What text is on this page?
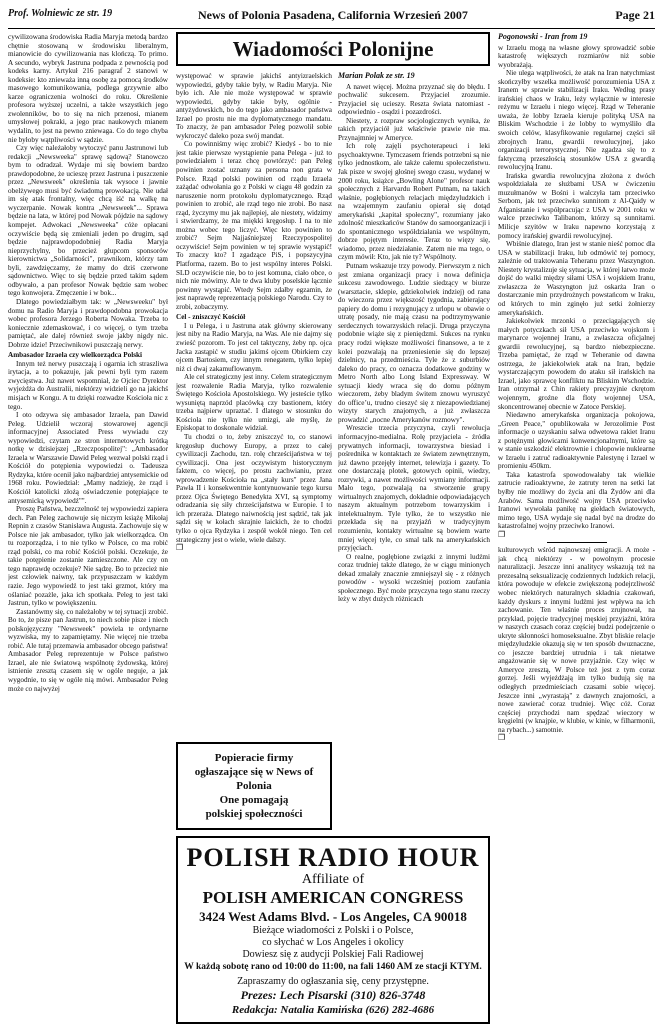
Prof. Wolniewic ze str. 19	News of Polonia Pasadena, California Wrzesień 2007	Page 21

cywilizowana środowiska Radia Maryja metodą bardzo chętnie stosowaną w środowisku liberalnym, mianowicie do cywilizowania nas klończą. To primo. A secundo, wybryk Jastruna podpada z pewnością pod kodeks karny. Artykuł 216 paragraf 2 stanowi w kodeksie: kto znieważa inną osobę za pomocą środków masowego komunikowania, podlega grzywnie albo karze ograniczenia wolności do roku. Określenie profesora wyższej uczelni, a także wszystkich jego zwolenników, bo to się na nich przenosi, mianem umysłowej pokraki, a jego prac naukowych mianem wydalin, to jest na pewno zniewaga. Co do tego chyba nie byłoby wątpliwości w sądzie.

Czy więc należałoby wytoczyć panu Jastrunowi lub redakcji „Newsweeka" sprawę sądową? Stanowczo bym to odradzał. Wydaje mi się bowiem bardzo prawdopodobne, że ucieszę przez Jastruna i puszczenie przez „Newsweek" określenia tak wysoce i jawnie obelżywego musi być świadomą prowokacją. Nie udał im się atak frontalny, więc chcą iść na walkę na wyczerpanie. Nowak kontra „Newsweek"... Sprawa będzie na lata, w której pod Nowak pójdzie na sądowy kompejet. Adwokaci „Newsweeka" cóże opłacani oczywiście będą się zmieniali jeden po drugim, sąd będzie najprawdopodobniej Radia Maryja nieprzychylny, bo przecież głupcom sponsorów kierownictwa „Solidarności", prawnikom, którzy tam byli, zawdzięczamy, że mamy do dziś czerwone sądownictwo. Więc to się będzie przed takim sądem odbywało, a pan profesor Nowak będzie sam wobec tego konwojera. Zmęczenie i w bok...

Dlatego powiedziałbym tak: w „Newsweeku" był domu na Radio Maryja i prawdopodobna prowokacja wobec profesora Jerzego Roberta Nowaka. Trzeba to koniecznie zdemaskować, i co więcej, o tym trzeba pamiętać, ale dalej również swoje jakby nigdy nic. Dobrze idzie! Przeciwnikowi puszczają nerwy.

Ambasador Izraela czy wielkorządca Polski

Innym też nerwy puszczają i ogarnia ich straszliwa irytacja, a to pokazuje, jak pewni byli tym razem zwycięstwa. Już nawet wspomniał, że Ojciec Dyrektor wyjeżdża do Australii, niektórzy widzieli go na jakichś misjach w Kongu. A tu dzięki rozwadze Kościoła nic z tego.

I oto odzywa się ambasador Izraela, pan Dawid Peleg. Udzielił wczoraj stowarowej agencji informacyjnej Associated Press wywiadu czy wypowiedzi, czytam ze stron internetowych krótką notkę w dzisiejszej „Rzeczpospolitej": „Ambasador Izraela w Warszawie Dawid Peleg wezwał polski rząd i Kościół do potępienia wypowiedzi o. Tadeusza Rydzyka, które ocenił jako najbardziej antysemickie od 1968 roku. Powiedział: „Mamy nadzieję, że rząd i Kościół katolicki złożą oświadczenie potępiające te antysemicką wypowiedź"".

Proszę Państwa, bezczelność tej wypowiedzi zapiera dech. Pan Peleg zachowuje się niczym książę Mikołaj Repnin z czasów Stanisława Augusta. Zachowuje się w Polsce nie jak ambasador, tylko jak wielkorządca. On tu rozporządza, i to nie tylko w Polsce, co ma robić rząd polski, co ma robić Kościół polski. Oczekuje, że takie potępienie zostanie zamieszczone. Ale czy on tego naprawdę oczekuje? Nie sądzę. Bo to przecież nie jest człowiek naiwny, tak przypuszczam w każdym razie. Jego wypowiedź to jest taki grzmot, który ma oślaniać pozażle, jaka ich spotkała. Peleg to jest taki Jastrun, tylko w powiększeniu.

Zastanówmy się, co należałoby w tej sytuacji zrobić. Bo to, że pisze pan Jastrun, to niech sobie pisze i niech polskojęzyczny "Newsweek" powiela te ordynarne wyzwiska, my to zapamiętamy. Nie więcej nie trzeba robić. Ale tutaj przemawia ambasador obcego państwa! Ambasador Peleg reprezentuje w Polsce państwo Izrael, ale nie światową wspólnotę żydowską, której istnienie zresztą czasem się w ogóle neguje, a jak wygodnie, to się w ogóle nią mówi. Ambasador Peleg może co najwyżej

Wiadomości Polonijne

występować w sprawie jakichś antyizraelskich wypowiedzi, gdyby takie były, w Radiu Maryja. Nie było ich. Ale nie może występować w sprawie wypowiedzi, gdyby takie były, ogólnie - antyżydowskich, bo do tego jako ambasador państwa Izrael po prostu nie ma dyplomatycznego mandatu. To znaczy, że pan ambasador Peleg pozwolił sobie wykroczyć daleko poza swój mandat.

Co powinniśmy więc zrobić? Kiedyś - bo to nie jest takie pierwsze wystąpienie pana Pelega - już to powiedziałem i teraz chcę powtórzyć: pan Peleg powinien zostać uznany za persona non grata w Polsce. Rząd polski powinien od rządu Izraela zażądać odwołania go z Polski w ciągu 48 godzin za naruszenie norm protokołu dyplomatycznego. Rząd powinien to zrobić, ale rząd tego nie zrobi. Bo nasz rząd, życzymy mu jak najlepiej, ale niestety, widzimy i stwierdzamy, że ma miękki kręgosłup. I na to nie można wobec tego liczyć. Więc kto powinien to zrobić? Sejm Najjaśniejszej Rzeczypospolitej oczywiście! Sejm powinien w tej sprawie wystąpić! To znaczy kto? I zgadzące PiS, i popszycyjna Platforma, razem. Bo to jest wspólny interes Polski. SLD oczywiście nie, bo to jest komuna, ciało obce, o nich nie mówimy. Ale te dwa kluby poselskie łącznie powinny wystąpić. Wtedy Sejm zdałby egzamin, że jest naprawdę reprezentacją polskiego Narodu. Czy to zrobi, zobaczymy.

Cel - zniszczyć Kościół

I u Pelega, i u Jastruna atak główny skierowany jest niby na Radio Maryja, na Was. Ale nie dajmy się zwieść pozorom. To jest cel taktyczny, żeby np. ojca Jacka zastąpić w studiu jakimś ojcem Obirkiem czy ojcem Bartosiem, czy innym renegatem, tylko lepiej niż ci dwaj zakamuflowanym.

Ale cel strategiczny jest inny. Celem strategicznym jest rozwalenie Radia Maryja, tylko rozwalenie Świętego Kościoła Apostolskiego. Wy jesteście tylko wysuniętą naprzód placówką czy bastionem, który trzeba najpierw upraztać. I dlatego w stosunku do Kościoła nie tylko nie umizgi, ale myślę, że Episkopat to doskonale widział.

Tu chodzi o to, żeby zniszczyć to, co stanowi kręgosłup duchowy Europy, a przez to całej cywilizacji Zachodu, tzn. rolę chrześcijaństwa w tej cywilizacji. Ona jest oczywistym historycznym faktem, co więcej, po prostu zachwianiu, przez wprowadzenie Kościoła na „stały kurs" przez Jana Pawła II i konsekwentnie kontynuowanie tego kursu przez Ojca Świętego Benedykta XVI, są symptomy odradzania się siły chrześcijaństwa w Europie. I to ich przeraża. Dlatego naiwnością jest sądzić, tak jak sądzi się w kołach skrajnie laickich, że to chodzi tylko o ojca Rydzyka i zespół wokół niego. Ten cel strategiczny jest o wiele, wiele dalszy.

❐

Popieracie firmy
ogłaszające się w News of
Polonia
One pomagają
polskiej społeczności

Marian Polak ze str. 19

A nawet więcej. Można przyznać się do błędu. I pochwalić sukcesem. Przyjaciel zrozumie. Przyjaciel się ucieszy. Reszta świata natomiast - odpowiednio - osądzi i pozazdrości.

Niestety, z rozpraw socjologicznych wynika, że takich przyjaciół już właściwie prawie nie ma. Przynajmniej w Ameryce.

Ich rolę zajęli psychoterapeuci i leki psychoaktywne. Tymczasem friends potrzebni są nie tylko jednostkom, ale także całemu społeczeństwu. Jak pisze w swojej głośnej swego czasu, wydanej w 2000 roku, książce „Bowling Alone" profesor nauk społecznych z Harvardu Robert Putnam, na takich właśnie, pogłębionych relacjach międzyludzkich i na wzajemnym zaufaniu opierał się dotąd amerykański „kapitał społeczny", rozumiany jako zdolność mieszkańców Stanów do samoorganizacji i do spontanicznego współdziałania we wspólnym, dobrze pojętym interesie. Teraz to więzy się, wiadomo, przez niedziałanie. Zatem nie ma tego, o czym mówił: Kto, jak nie ty? Wspólnoty.

Putnam wskazuje trzy powody. Pierwszym z nich jest zmiana organizacji pracy i nowa definicja sukcesu zawodowego. Ludzie siedzący w biurze (warsztacie, sklepie, gdziekolwiek indziej) od rana do wieczora przez większość tygodnia, zabierający papiery do domu i rezygnujący z urlopu w obawie o utratę posady, nie mają czasu na podtrzymywanie serdecznych towarzyskich relacji. Druga przyczyna podobnie wiąże się z pieniędzmi. Sukces na rynku pracy rodzi większe możliwości finansowe, a te z kolei pozwalają na przeniesienie się do lepszej dzielnicy, na przedmieścia. Tyle że z suburbiów daleko do pracy, co oznacza dodatkowe godziny w Metro North albo Long Island Expressway. W sytuacji kiedy wraca się do domu późnym wieczorem, żeby bladym świtem znowu wyruszyć do officeʼu, trudno cieszyć się z niezapowiedzianej wizyty starych znajomych, a już zwłaszcza prowadzić „nocne Amerykanów rozmowy".

Wreszcie trzecia przyczyna, czyli rewolucja informacyjno-medialna. Rolę przyjaciela - źródła prywatnych informacji, towarzystwa biesiad i pośrednika w kontaktach ze światem zewnętrznym, już dawno przejęły internet, telewizja i gazety. To one dostarczają plotek, gotowych opinii, wiedzy, rozrywki, a nawet możliwości wymiany informacji. Mało tego, pozwalają na stworzenie grupy wirtualnych znajomych, dokładnie odpowiadających naszym aktualnym potrzebom towarzyskim i intelektualnym. Tyle tylko, że to wszystko nie przekłada się na przyjaźń w tradycyjnym rozumieniu, kontakty wirtualne są bowiem warte mniej więcej tyle, co smal talk na amerykańskich przyjęciach.

O realne, pogłębione związki z innymi ludźmi coraz trudniej także dlatego, że w ciągu minionych dekad zmalały znacznie zmniejszył się - z różnych powodów - wysoki wcześniej poziom zaufania społecznego. Być może przyczyna tego stanu rzeczy leży w zbyt dużych różnicach

Pogonowski - Iran from 19

w Izraelu mogą na własne głowy sprowadzić sobie katastrofę większych rozmiarów niż sobie wyobrażają.

Nie ulega wątpliwości, że atak na Iran natychmiast skończyłby wszelka możliwość porozumienia USA z Iranem w sprawie stabilizacji Iraku. Według prasy irańskiej chaos w Iraku, leży wyłącznie w interesie reżymu w Izraelu i niego więcej. Rząd w Teheranie uważa, że lobby Izraela kieruje polityką USA na Bliskim Wschodzie i że lobby to wymyśliło dla swoich celów, klasyfikowanie regularnej części sił zbrojnych Iranu, gwardii rewolucyjnej, jako organizacji terrorystycznej. Nie zgadza się to z faktyczną przeszłością stosunków USA z gwardią rewolucyjną Iranu.

Irańska gwardia rewolucyjna złożona z dwóch wspołdziałała ze służbami USA w ćwiczeniu muzułmanów w Bośni i walczyła tam przeciwko Serbom, jak też przeciwko sunnitom z Al-Qaidy w Afganistanie i współpracując z USA w 2001 roku w walce przeciwko Talibanom, którzy są sunnitami. Milicje szyitów w Iraku napewno korzystają z pomocy irańskiej gwardii rewolucyjnej.

Wbiśnie dlatego, Iran jest w stanie nieść pomoc dla USA w stabilizacji Iraku, lub odmówić tej pomocy, zależnie od traktowania Teheranu przez Waszyngton. Niestety krystalizuje się sytuacja, w której łatwo może dojść do walki między siłami USA i wojskiem Iranu, zwłaszcza że Waszyngton już oskarża Iran o dostarczanie min przydrożnych powstańcom w Iraku, od których to min zginęło już setki żołnierzy amerykańskich.

Jakiekolwiek mrzonki o przeciągających się małych potyczkach sił USA przeciwko wojskom i marynarce wojennej Iranu, a zwłaszcza oficjalnej gwardii rewolucyjnej, są bardzo niebezpieczne. Trzeba pamiętać, że rząd w Teheranie od dawna ostrzega, że jakiekolwiek atak na Iran, będzie wystarczającym powodem do ataku sił irańskich na Izrael, jako sprawcę konfliktu na Bliskim Wschodzie. Iran otrzymał z Chin rakiety precyzyjnie ckrętom wojennym, groźne dla floty wojennej USA, skoncentrowanej obecnie w Zatoce Perskiej.

Niedawno amerykańska organizacja pokojowa, „Green Peace," opublikowała w Jerozolimie Post informacje o uzyskaniu salwa odwetowa rakiet Iranu z potężnymi głowicami konwencjonalnymi, które są w stanie uszkodzić elektrownie i chłopowie nuklearne w Izraelu i zatruć radioaktywnie Palestynę i Izrael w promieniu 450km.

Taka katastrofa spowodowałaby tak wielkie zatrucie radioaktywne, że zatruty teren na setki lat byłby nie możliwy do życia ani dla Żydów ani dla Arabów. Sama możliwość wojny USA przeciwko Iranowi wywołała panikę na giełdach światowych, mimo tego, USA wydaje się nadal być na drodze do katastrofalnej wojny przeciwko Iranowi.

❐

kulturowych wśród najnowszej emigracji. A może - jak chcą niektórzy - w powolnym procesie naturalizacji. Jeszcze inni analitycy wskazują też na prezesalną seksualizację codziennych ludzkich relacji, która powoduje w efekcie zwiększoną podejrzliwość wobec niektórych naturalnych składnia czakowań, każdy dyskurs z innymi ludźmi jest wpływa na ich zachowanie. Ten właśnie proces zrujnował, na przykład, pojęcie tradycyjnej męskiej przyjaźni, która w naszych czasach coraz częściej budzi podejrzenie o ukryte skłonności homoseksualne. Zbyt bliskie relacje międzyludzkie okazują się w ten sposób dwuznaczne, co jeszcze bardziej utrudnia i tak nietatwe angażowanie się w nowe przyjaźnie. Czy więc w Ameryce zresztą, W Polsce też jest z tym coraz gorzej. Jeśli wyjeżdżają im tylko budują się na odległych przedmieściach czasami sobie więcej. Jeszcze inni „wyrastają" z dawnych znajomości, a nowe zawierać coraz trudniej. Więc cóż. Coraz częściej przychodzi nam spędzać wieczory w kręgielni (w knajpie, w klubie, w kinie, w filharmonii, na rybach...) samotnie.

❐

POLISH RADIO HOUR
Affiliate of
POLISH AMERICAN CONGRESS
3424 West Adams Blvd. - Los Angeles, CA 90018
Bieżące wiadomości z Polski i o Polsce,
co słychać w Los Angeles i okolicy
Dowiesz się z audycji Polskiej Fali Radiowej
W każdą sobotę rano od 10:00 do 11:00, na fali 1460 AM ze stacji KTYM.
Zapraszamy do ogłaszania się, ceny przystępne.
Prezes: Lech Pisarski (310) 826-3748
Redakcja: Natalia Kamińska (626) 282-4686
